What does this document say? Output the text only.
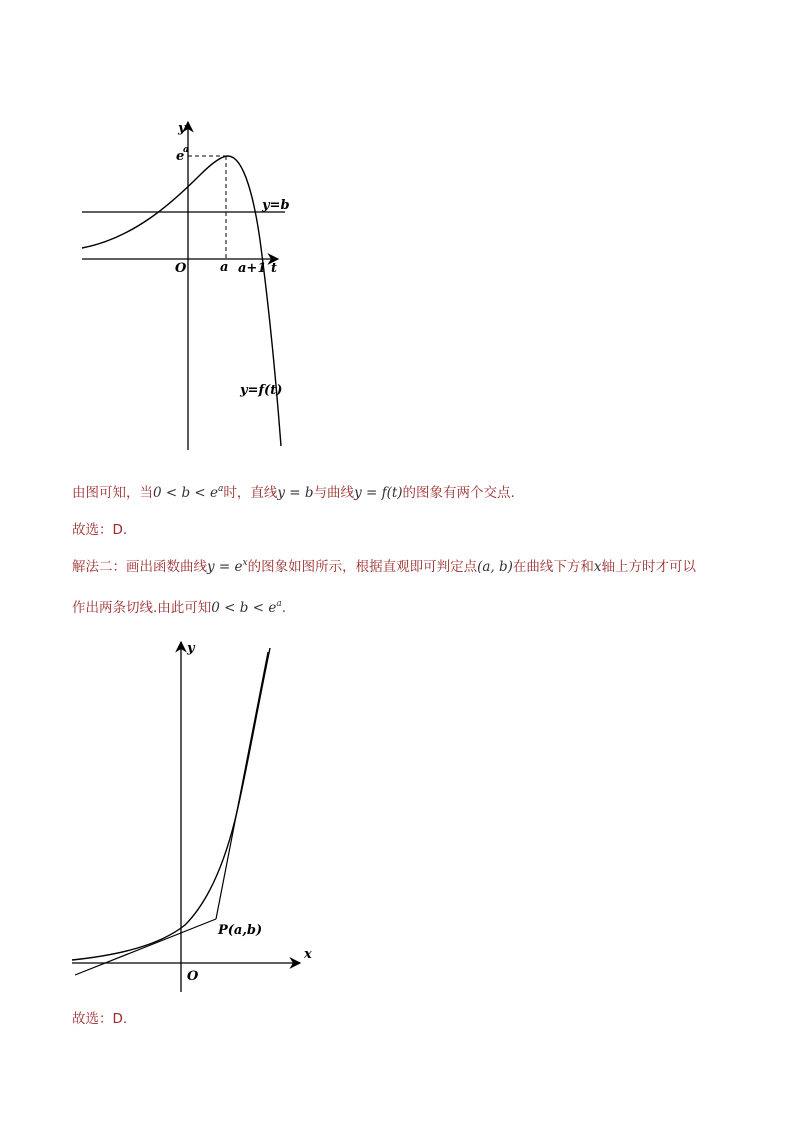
y
e
a
y=b
O	a a+1 t
y=f(t)
由图可知，当$0 < b < e^a$时，直线y = b与曲线y = f(t)的图象有两个交点.
故选：D.
解法二：画出函数曲线$y = e^x$的图象如图所示，根据直观即可判定点(a, b)在曲线下方和x轴上方时才可以
作出两条切线.由此可知$0 < b < e^a$.
y
x
O
P(a,b)
故选：D.
